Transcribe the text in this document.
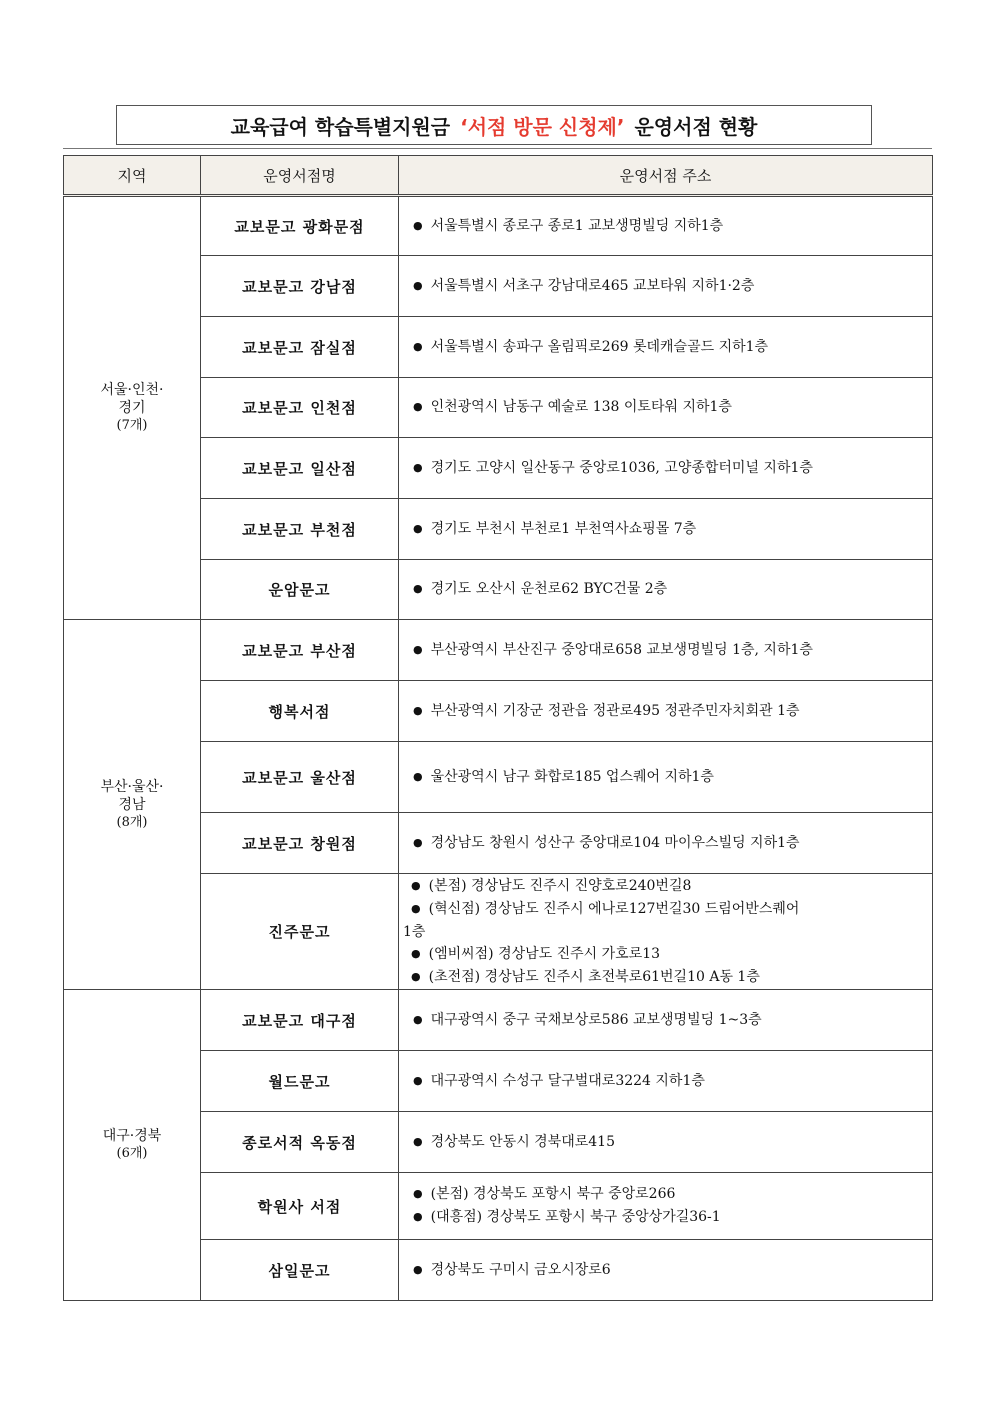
교육급여 학습특별지원금 ‘서점 방문 신청제’ 운영서점 현황
지역	운영서점명	운영서점 주소

서울·인천·
경기
(7개)	교보문고 광화문점	● 서울특별시 종로구 종로1 교보생명빌딩 지하1층

	교보문고 강남점	● 서울특별시 서초구 강남대로465 교보타워 지하1·2층

	교보문고 잠실점	● 서울특별시 송파구 올림픽로269 롯데캐슬골드 지하1층

	교보문고 인천점	● 인천광역시 남동구 예술로 138 이토타워 지하1층

	교보문고 일산점	● 경기도 고양시 일산동구 중앙로1036, 고양종합터미널 지하1층

	교보문고 부천점	● 경기도 부천시 부천로1 부천역사쇼핑몰 7층

	운암문고	● 경기도 오산시 운천로62 BYC건물 2층

부산·울산·
경남
(8개)	교보문고 부산점	● 부산광역시 부산진구 중앙대로658 교보생명빌딩 1층, 지하1층

	행복서점	● 부산광역시 기장군 정관읍 정관로495 정관주민자치회관 1층

	교보문고 울산점	● 울산광역시 남구 화합로185 업스퀘어 지하1층

	교보문고 창원점	● 경상남도 창원시 성산구 중앙대로104 마이우스빌딩 지하1층

	진주문고	● (본점) 경상남도 진주시 진양호로240번길8
● (혁신점) 경상남도 진주시 에나로127번길30 드림어반스퀘어
1층
● (엠비씨점) 경상남도 진주시 가호로13
● (초전점) 경상남도 진주시 초전북로61번길10 A동 1층

대구·경북
(6개)	교보문고 대구점	● 대구광역시 중구 국채보상로586 교보생명빌딩 1~3층

	월드문고	● 대구광역시 수성구 달구벌대로3224 지하1층

	종로서적 옥동점	● 경상북도 안동시 경북대로415

	학원사 서점	● (본점) 경상북도 포항시 북구 중앙로266
● (대흥점) 경상북도 포항시 북구 중앙상가길36-1

	삼일문고	● 경상북도 구미시 금오시장로6
